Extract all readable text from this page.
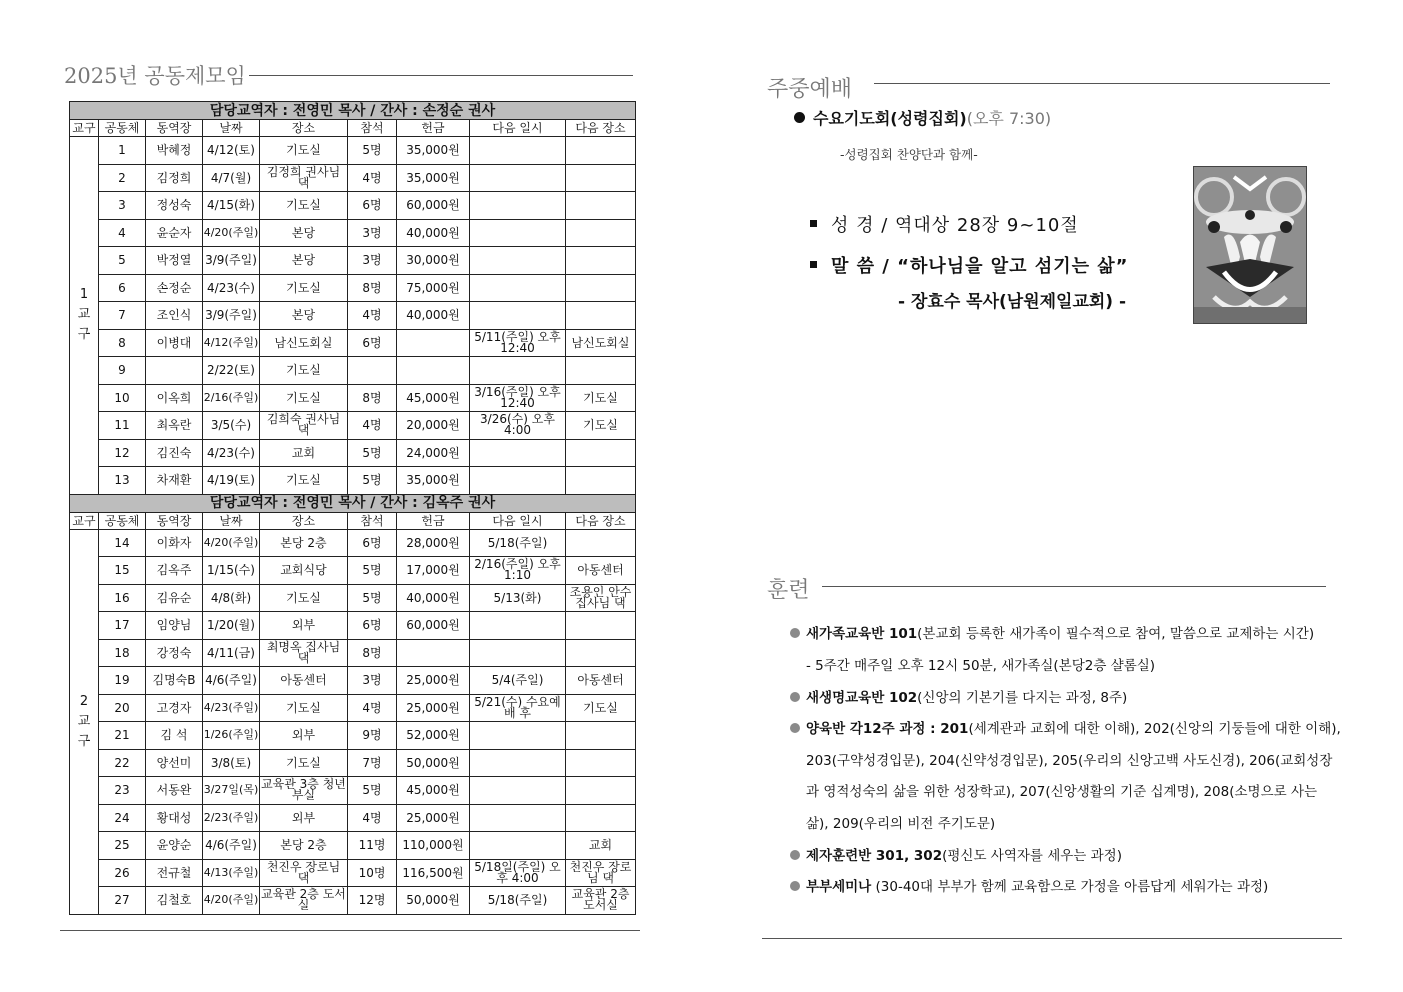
2025년 공동제모임
담당교역자 : 전영민 목사 / 간사 : 손정순 권사								
교구	공동체	동역장	날짜	장소	참석	헌금	다음 일시	다음 장소
1 교 구	1	박혜정	4/12(토)	기도실	5명	35,000원		
	2	김정희	4/7(월)	김정희 권사님 댁	4명	35,000원		
	3	정성숙	4/15(화)	기도실	6명	60,000원		
	4	윤순자	4/20(주일)	본당	3명	40,000원		
	5	박정열	3/9(주일)	본당	3명	30,000원		
	6	손정순	4/23(수)	기도실	8명	75,000원		
	7	조인식	3/9(주일)	본당	4명	40,000원		
	8	이병대	4/12(주일)	남신도회실	6명		5/11(주일) 오후 12:40	남신도회실
	9		2/22(토)	기도실				
	10	이옥희	2/16(주일)	기도실	8명	45,000원	3/16(주일) 오후 12:40	기도실
	11	최옥란	3/5(수)	김희숙 권사님 댁	4명	20,000원	3/26(수) 오후 4:00	기도실
	12	김진숙	4/23(수)	교회	5명	24,000원		
	13	차재환	4/19(토)	기도실	5명	35,000원		
담당교역자 : 전영민 목사 / 간사 : 김옥주 권사								
교구	공동체	동역장	날짜	장소	참석	헌금	다음 일시	다음 장소
2 교 구	14	이화자	4/20(주일)	본당 2층	6명	28,000원	5/18(주일)	
	15	김옥주	1/15(수)	교회식당	5명	17,000원	2/16(주일) 오후 1:10	아동센터
	16	김유순	4/8(화)	기도실	5명	40,000원	5/13(화)	조용인 안수집사님 댁

	17	임양님	1/20(월)	외부	6명	60,000원		
	18	강정숙	4/11(금)	최명옥 집사님 댁	8명			
	19	김명숙B	4/6(주일)	아동센터	3명	25,000원	5/4(주일)	아동센터
	20	고경자	4/23(주일)	기도실	4명	25,000원	5/21(수) 수요예배 후	기도실
	21	김 석	1/26(주일)	외부	9명	52,000원		
	22	양선미	3/8(토)	기도실	7명	50,000원		
	23	서동완	3/27일(목)	교육관 3층 청년부실	5명	45,000원		
	24	황대성	2/23(주일)	외부	4명	25,000원		
	25	윤양순	4/6(주일)	본당 2층	11명	110,000원		교회
	26	전규철	4/13(주일)	천진우 장로님 댁	10명	116,500원	5/18일(주일) 오후 4:00	천진우 장로님 댁

	27	김철호	4/20(주일)	교육관 2층 도서실	12명	50,000원	5/18(주일)	교육관 2층 도서실
주중예배
수요기도회(성령집회)(오후 7:30)
-성령집회 찬양단과 함께-
성 경 / 역대상 28장 9~10절
말 씀 / “하나님을 알고 섬기는 삶”
- 장효수 목사(남원제일교회) -
훈련
새가족교육반 101(본교회 등록한 새가족이 필수적으로 참여, 말씀으로 교제하는 시간)
- 5주간 매주일 오후 12시 50분, 새가족실(본당2층 샬롬실)
새생명교육반 102(신앙의 기본기를 다지는 과정, 8주)
양육반 각12주 과정 : 201(세계관과 교회에 대한 이해), 202(신앙의 기둥들에 대한 이해),
203(구약성경입문), 204(신약성경입문), 205(우리의 신앙고백 사도신경), 206(교회성장
과 영적성숙의 삶을 위한 성장학교), 207(신앙생활의 기준 십계명), 208(소명으로 사는
삶), 209(우리의 비전 주기도문)
제자훈련반 301, 302(평신도 사역자를 세우는 과정)
부부세미나 (30-40대 부부가 함께 교육함으로 가정을 아름답게 세워가는 과정)
